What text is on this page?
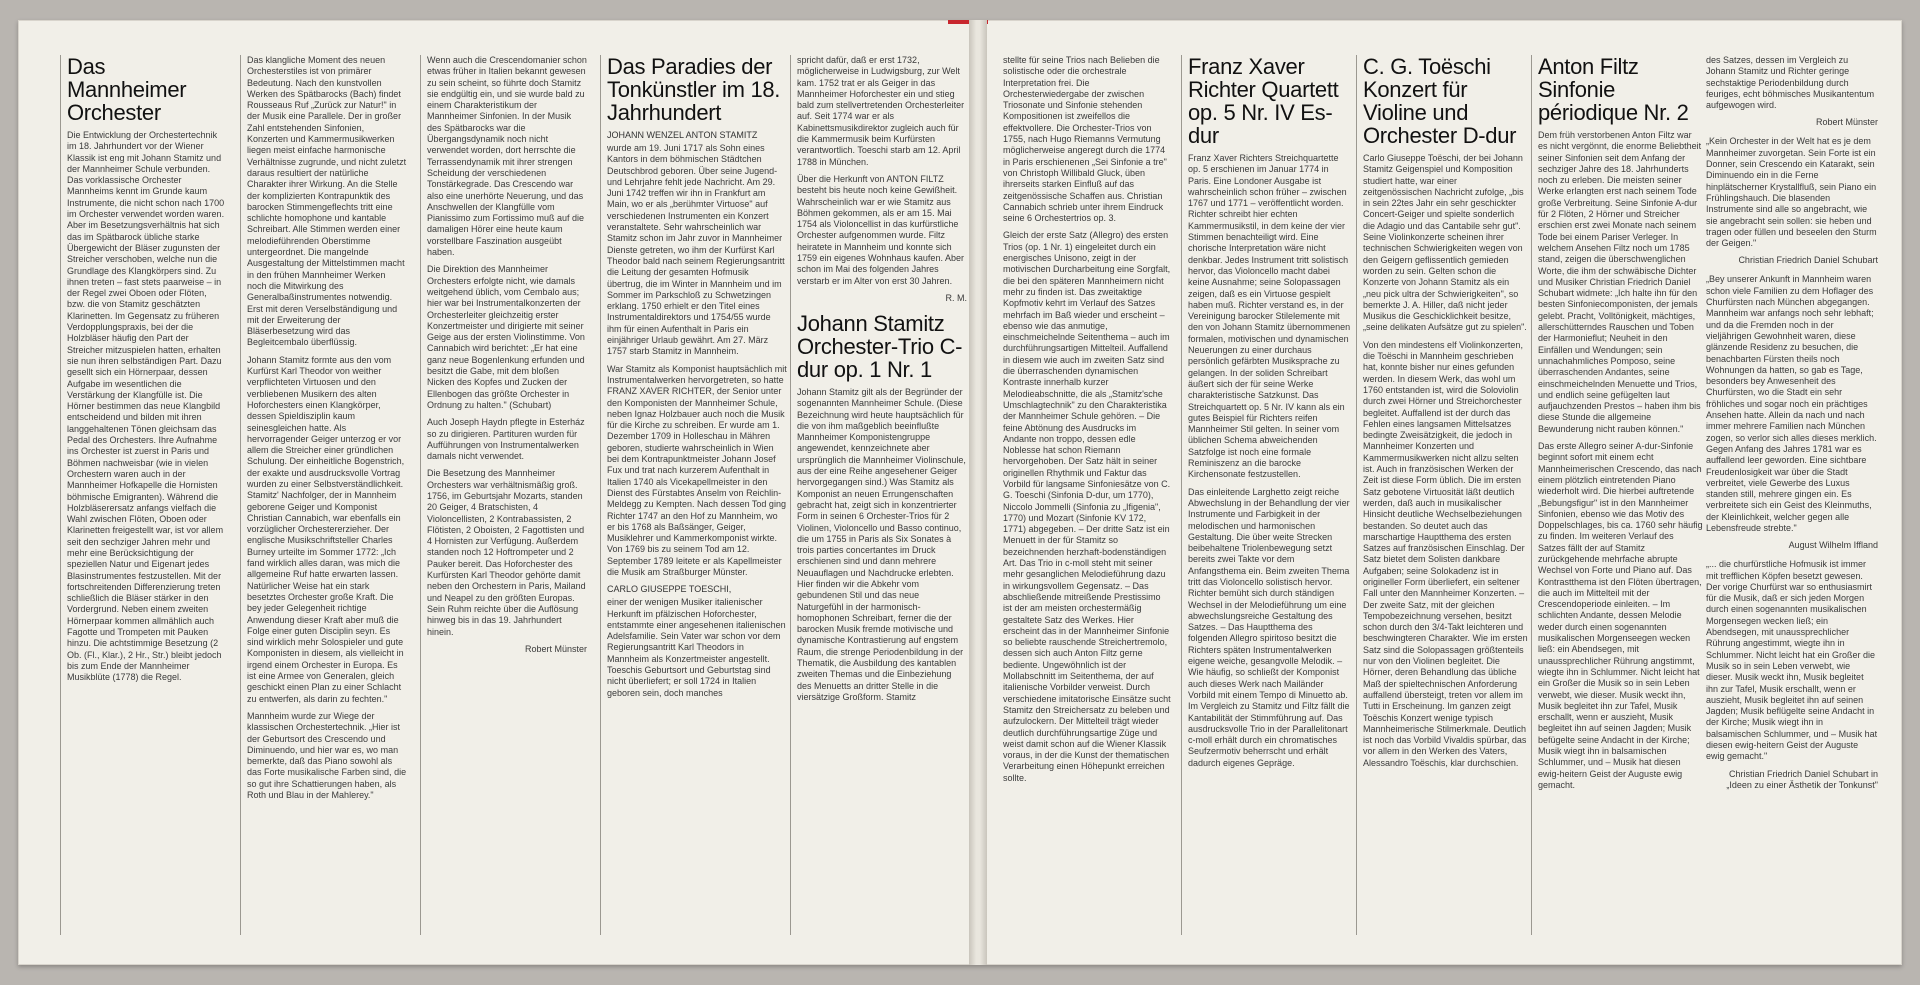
Das Mannheimer Orchester

Die Entwicklung der Orchestertechnik im 18. Jahrhundert vor der Wiener Klassik ist eng mit Johann Stamitz und der Mannheimer Schule verbunden. Das vorklassische Orchester Mannheims kennt im Grunde kaum Instrumente, die nicht schon nach 1700 im Orchester verwendet worden waren. Aber im Besetzungsverhältnis hat sich das im Spätbarock übliche starke Übergewicht der Bläser zugunsten der Streicher verschoben, welche nun die Grundlage des Klangkörpers sind. Zu ihnen treten – fast stets paarweise – in der Regel zwei Oboen oder Flöten, bzw. die von Stamitz geschätzten Klarinetten. Im Gegensatz zu früheren Verdopplungspraxis, bei der die Holzbläser häufig den Part der Streicher mitzuspielen hatten, erhalten sie nun ihren selbständigen Part. Dazu gesellt sich ein Hörnerpaar, dessen Aufgabe im wesentlichen die Verstärkung der Klangfülle ist. Die Hörner bestimmen das neue Klangbild entscheidend und bilden mit ihren langgehaltenen Tönen gleichsam das Pedal des Orchesters. Ihre Aufnahme ins Orchester ist zuerst in Paris und Böhmen nachweisbar (wie in vielen Orchestern waren auch in der Mannheimer Hofkapelle die Hornisten böhmische Emigranten). Während die Holzbläserersatz anfangs vielfach die Wahl zwischen Flöten, Oboen oder Klarinetten freigestellt war, ist vor allem seit den sechziger Jahren mehr und mehr eine Berücksichtigung der speziellen Natur und Eigenart jedes Blasinstrumentes festzustellen. Mit der fortschreitenden Differenzierung treten schließlich die Bläser stärker in den Vordergrund. Neben einem zweiten Hörnerpaar kommen allmählich auch Fagotte und Trompeten mit Pauken hinzu. Die achtstimmige Besetzung (2 Ob. (Fl., Klar.), 2 Hr., Str.) bleibt jedoch bis zum Ende der Mannheimer Musikblüte (1778) die Regel.

Das klangliche Moment des neuen Orchesterstiles ist von primärer Bedeutung. Nach den kunstvollen Werken des Spätbarocks (Bach) findet Rousseaus Ruf „Zurück zur Natur!" in der Musik eine Parallele. Der in großer Zahl entstehenden Sinfonien, Konzerten und Kammermusikwerken liegen meist einfache harmonische Verhältnisse zugrunde, und nicht zuletzt daraus resultiert der natürliche Charakter ihrer Wirkung. An die Stelle der komplizierten Kontrapunktik des barocken Stimmengeflechts tritt eine schlichte homophone und kantable Schreibart. Alle Stimmen werden einer melodieführenden Oberstimme untergeordnet. Die mangelnde Ausgestaltung der Mittelstimmen macht in den frühen Mannheimer Werken noch die Mitwirkung des Generalbaßinstrumentes notwendig. Erst mit deren Verselbständigung und mit der Erweiterung der Bläserbesetzung wird das Begleitcembalo überflüssig.

Johann Stamitz formte aus den vom Kurfürst Karl Theodor von weither verpflichteten Virtuosen und den verbliebenen Musikern des alten Hoforchesters einen Klangkörper, dessen Spieldisziplin kaum seinesgleichen hatte. Als hervorragender Geiger unterzog er vor allem die Streicher einer gründlichen Schulung. Der einheitliche Bogenstrich, der exakte und ausdrucksvolle Vortrag wurden zu einer Selbstverständlichkeit. Stamitz' Nachfolger, der in Mannheim geborene Geiger und Komponist Christian Cannabich, war ebenfalls ein vorzüglicher Orchestererzieher. Der englische Musikschriftsteller Charles Burney urteilte im Sommer 1772: „Ich fand wirklich alles daran, was mich die allgemeine Ruf hatte erwarten lassen. Natürlicher Weise hat ein stark besetztes Orchester große Kraft. Die bey jeder Gelegenheit richtige Anwendung dieser Kraft aber muß die Folge einer guten Disciplin seyn. Es sind wirklich mehr Solospieler und gute Komponisten in diesem, als vielleicht in irgend einem Orchester in Europa. Es ist eine Armee von Generalen, gleich geschickt einen Plan zu einer Schlacht zu entwerfen, als darin zu fechten."

Mannheim wurde zur Wiege der klassischen Orchestertechnik. „Hier ist der Geburtsort des Crescendo und Diminuendo, und hier war es, wo man bemerkte, daß das Piano sowohl als das Forte musikalische Farben sind, die so gut ihre Schattierungen haben, als Roth und Blau in der Mahlerey."

Wenn auch die Crescendomanier schon etwas früher in Italien bekannt gewesen zu sein scheint, so führte doch Stamitz sie endgültig ein, und sie wurde bald zu einem Charakteristikum der Mannheimer Sinfonien. In der Musik des Spätbarocks war die Übergangsdynamik noch nicht verwendet worden, dort herrschte die Terrassendynamik mit ihrer strengen Scheidung der verschiedenen Tonstärkegrade. Das Crescendo war also eine unerhörte Neuerung, und das Anschwellen der Klangfülle vom Pianissimo zum Fortissimo muß auf die damaligen Hörer eine heute kaum vorstellbare Faszination ausgeübt haben.

Die Direktion des Mannheimer Orchesters erfolgte nicht, wie damals weitgehend üblich, vom Cembalo aus; hier war bei Instrumentalkonzerten der Orchesterleiter gleichzeitig erster Konzertmeister und dirigierte mit seiner Geige aus der ersten Violinstimme. Von Cannabich wird berichtet: „Er hat eine ganz neue Bogenlenkung erfunden und besitzt die Gabe, mit dem bloßen Nicken des Kopfes und Zucken der Ellenbogen das größte Orchester in Ordnung zu halten." (Schubart)

Auch Joseph Haydn pflegte in Esterház so zu dirigieren. Partituren wurden für Aufführungen von Instrumentalwerken damals nicht verwendet.

Die Besetzung des Mannheimer Orchesters war verhältnismäßig groß. 1756, im Geburtsjahr Mozarts, standen 20 Geiger, 4 Bratschisten, 4 Violoncellisten, 2 Kontrabassisten, 2 Flötisten, 2 Oboisten, 2 Fagottisten und 4 Hornisten zur Verfügung. Außerdem standen noch 12 Hoftrompeter und 2 Pauker bereit. Das Hoforchester des Kurfürsten Karl Theodor gehörte damit neben den Orchestern in Paris, Mailand und Neapel zu den größten Europas. Sein Ruhm reichte über die Auflösung hinweg bis in das 19. Jahrhundert hinein.

Robert Münster
Das Paradies der Tonkünstler im 18. Jahrhundert
JOHANN WENZEL ANTON STAMITZ

wurde am 19. Juni 1717 als Sohn eines Kantors in dem böhmischen Städtchen Deutschbrod geboren. Über seine Jugend- und Lehrjahre fehlt jede Nachricht. Am 29. Juni 1742 treffen wir ihn in Frankfurt am Main, wo er als „berühmter Virtuose" auf verschiedenen Instrumenten ein Konzert veranstaltete. Sehr wahrscheinlich war Stamitz schon im Jahr zuvor in Mannheimer Dienste getreten, wo ihm der Kurfürst Karl Theodor bald nach seinem Regierungsantritt die Leitung der gesamten Hofmusik übertrug, die im Winter in Mannheim und im Sommer im Parkschloß zu Schwetzingen erklang. 1750 erhielt er den Titel eines Instrumentaldirektors und 1754/55 wurde ihm für einen Aufenthalt in Paris ein einjähriger Urlaub gewährt. Am 27. März 1757 starb Stamitz in Mannheim.

War Stamitz als Komponist hauptsächlich mit Instrumentalwerken hervorgetreten, so hatte FRANZ XAVER RICHTER, der Senior unter den Komponisten der Mannheimer Schule, neben Ignaz Holzbauer auch noch die Musik für die Kirche zu schreiben. Er wurde am 1. Dezember 1709 in Holleschau in Mähren geboren, studierte wahrscheinlich in Wien bei dem Kontrapunktmeister Johann Josef Fux und trat nach kurzerem Aufenthalt in Italien 1740 als Vicekapellmeister in den Dienst des Fürstabtes Anselm von Reichlin-Meldegg zu Kempten. Nach dessen Tod ging Richter 1747 an den Hof zu Mannheim, wo er bis 1768 als Baßsänger, Geiger, Musiklehrer und Kammerkomponist wirkte. Von 1769 bis zu seinem Tod am 12. September 1789 leitete er als Kapellmeister die Musik am Straßburger Münster.

CARLO GIUSEPPE TOESCHI,

einer der wenigen Musiker italienischer Herkunft im pfälzischen Hoforchester, entstammte einer angesehenen italienischen Adelsfamilie. Sein Vater war schon vor dem Regierungsantritt Karl Theodors in Mannheim als Konzertmeister angestellt. Toeschis Geburtsort und Geburtstag sind nicht überliefert; er soll 1724 in Italien geboren sein, doch manches

spricht dafür, daß er erst 1732, möglicherweise in Ludwigsburg, zur Welt kam. 1752 trat er als Geiger in das Mannheimer Hoforchester ein und stieg bald zum stellvertretenden Orchesterleiter auf. Seit 1774 war er als Kabinettsmusikdirektor zugleich auch für die Kammermusik beim Kurfürsten verantwortlich. Toeschi starb am 12. April 1788 in München.

Über die Herkunft von ANTON FILTZ besteht bis heute noch keine Gewißheit. Wahrscheinlich war er wie Stamitz aus Böhmen gekommen, als er am 15. Mai 1754 als Violoncellist in das kurfürstliche Orchester aufgenommen wurde. Filtz heiratete in Mannheim und konnte sich 1759 ein eigenes Wohnhaus kaufen. Aber schon im Mai des folgenden Jahres verstarb er im Alter von erst 30 Jahren.

R. M.
Johann Stamitz Orchester-Trio C-dur op. 1 Nr. 1

Johann Stamitz gilt als der Begründer der sogenannten Mannheimer Schule. (Diese Bezeichnung wird heute hauptsächlich für die von ihm maßgeblich beeinflußte Mannheimer Komponistengruppe angewendet, kennzeichnete aber ursprünglich die Mannheimer Violinschule, aus der eine Reihe angesehener Geiger hervorgegangen sind.) Was Stamitz als Komponist an neuen Errungenschaften gebracht hat, zeigt sich in konzentrierter Form in seinen 6 Orchester-Trios für 2 Violinen, Violoncello und Basso continuo, die um 1755 in Paris als Six Sonates à trois parties concertantes im Druck erschienen sind und dann mehrere Neuauflagen und Nachdrucke erlebten. Hier finden wir die Abkehr vom gebundenen Stil und das neue Naturgefühl in der harmonisch-homophonen Schreibart, ferner die der barocken Musik fremde motivische und dynamische Kontrastierung auf engstem Raum, die strenge Periodenbildung in der Thematik, die Ausbildung des kantablen zweiten Themas und die Einbeziehung des Menuetts an dritter Stelle in die viersätzige Großform. Stamitz

stellte für seine Trios nach Belieben die solistische oder die orchestrale Interpretation frei. Die Orchesterwiedergabe der zwischen Triosonate und Sinfonie stehenden Kompositionen ist zweifellos die effektvollere. Die Orchester-Trios von 1755, nach Hugo Riemanns Vermutung möglicherweise angeregt durch die 1774 in Paris erschienenen „Sei Sinfonie a tre" von Christoph Willibald Gluck, üben ihrerseits starken Einfluß auf das zeitgenössische Schaffen aus. Christian Cannabich schrieb unter ihrem Eindruck seine 6 Orchestertrios op. 3.

Gleich der erste Satz (Allegro) des ersten Trios (op. 1 Nr. 1) eingeleitet durch ein energisches Unisono, zeigt in der motivischen Durcharbeitung eine Sorgfalt, die bei den späteren Mannheimern nicht mehr zu finden ist. Das zweitaktige Kopfmotiv kehrt im Verlauf des Satzes mehrfach im Baß wieder und erscheint – ebenso wie das anmutige, einschmeichelnde Seitenthema – auch im durchführungsartigen Mittelteil. Auffallend in diesem wie auch im zweiten Satz sind die überraschenden dynamischen Kontraste innerhalb kurzer Melodieabschnitte, die als „Stamitz'sche Umschlagtechnik" zu den Charakteristika der Mannheimer Schule gehören. – Die feine Abtönung des Ausdrucks im Andante non troppo, dessen edle Noblesse hat schon Riemann hervorgehoben. Der Satz hält in seiner originellen Rhythmik und Faktur das Vorbild für langsame Sinfoniesätze von C. G. Toeschi (Sinfonia D-dur, um 1770), Niccolo Jommelli (Sinfonia zu „Ifigenia", 1770) und Mozart (Sinfonie KV 172, 1771) abgegeben. – Der dritte Satz ist ein Menuett in der für Stamitz so bezeichnenden herzhaft-bodenständigen Art. Das Trio in c-moll steht mit seiner mehr gesanglichen Melodieführung dazu in wirkungsvollem Gegensatz. – Das abschließende mitreißende Prestissimo ist der am meisten orchestermäßig gestaltete Satz des Werkes. Hier erscheint das in der Mannheimer Sinfonie so beliebte rauschende Streichertremolo, dessen sich auch Anton Filtz gerne bediente. Ungewöhnlich ist der Mollabschnitt im Seitenthema, der auf italienische Vorbilder verweist. Durch verschiedene imitatorische Einsätze sucht Stamitz den Streichersatz zu beleben und aufzulockern. Der Mittelteil trägt wieder deutlich durchführungsartige Züge und weist damit schon auf die Wiener Klassik voraus, in der die Kunst der thematischen Verarbeitung einen Höhepunkt erreichen sollte.

Franz Xaver Richter Quartett op. 5 Nr. IV Es-dur

Franz Xaver Richters Streichquartette op. 5 erschienen im Januar 1774 in Paris. Eine Londoner Ausgabe ist wahrscheinlich schon früher – zwischen 1767 und 1771 – veröffentlicht worden. Richter schreibt hier echten Kammermusikstil, in dem keine der vier Stimmen benachteiligt wird. Eine chorische Interpretation wäre nicht denkbar. Jedes Instrument tritt solistisch hervor, das Violoncello macht dabei keine Ausnahme; seine Solopassagen zeigen, daß es ein Virtuose gespielt haben muß. Richter verstand es, in der Vereinigung barocker Stilelemente mit den von Johann Stamitz übernommenen formalen, motivischen und dynamischen Neuerungen zu einer durchaus persönlich gefärbten Musiksprache zu gelangen. In der soliden Schreibart äußert sich der für seine Werke charakteristische Satzkunst. Das Streichquartett op. 5 Nr. IV kann als ein gutes Beispiel für Richters reifen Mannheimer Stil gelten. In seiner vom üblichen Schema abweichenden Satzfolge ist noch eine formale Reminiszenz an die barocke Kirchensonate festzustellen.

Das einleitende Larghetto zeigt reiche Abwechslung in der Behandlung der vier Instrumente und Farbigkeit in der melodischen und harmonischen Gestaltung. Die über weite Strecken beibehaltene Triolenbewegung setzt bereits zwei Takte vor dem Anfangsthema ein. Beim zweiten Thema tritt das Violoncello solistisch hervor. Richter bemüht sich durch ständigen Wechsel in der Melodieführung um eine abwechslungsreiche Gestaltung des Satzes. – Das Hauptthema des folgenden Allegro spiritoso besitzt die Richters späten Instrumentalwerken eigene weiche, gesangvolle Melodik. – Wie häufig, so schließt der Komponist auch dieses Werk nach Mailänder Vorbild mit einem Tempo di Minuetto ab. Im Vergleich zu Stamitz und Filtz fällt die Kantabilität der Stimmführung auf. Das ausdrucksvolle Trio in der Parallelitonart c-moll erhält durch ein chromatisches Seufzermotiv beherrscht und erhält dadurch eigenes Gepräge.

C. G. Toëschi Konzert für Violine und Orchester D-dur

Carlo Giuseppe Toëschi, der bei Johann Stamitz Geigenspiel und Komposition studiert hatte, war einer zeitgenössischen Nachricht zufolge, „bis in sein 22tes Jahr ein sehr geschickter Concert-Geiger und spielte sonderlich die Adagio und das Cantabile sehr gut". Seine Violinkonzerte scheinen ihrer technischen Schwierigkeiten wegen von den Geigern geflissentlich gemieden worden zu sein. Gelten schon die Konzerte von Johann Stamitz als ein „neu pick ultra der Schwierigkeiten", so bemerkte J. A. Hiller, daß nicht jeder Musikus die Geschicklichkeit besitze, „seine delikaten Aufsätze gut zu spielen".

Von den mindestens elf Violinkonzerten, die Toëschi in Mannheim geschrieben hat, konnte bisher nur eines gefunden werden. In diesem Werk, das wohl um 1760 entstanden ist, wird die Soloviolin durch zwei Hörner und Streichorchester begleitet. Auffallend ist der durch das Fehlen eines langsamen Mittelsatzes bedingte Zweisätzigkeit, die jedoch in Mannheimer Konzerten und Kammermusikwerken nicht allzu selten ist. Auch in französischen Werken der Zeit ist diese Form üblich. Die im ersten Satz gebotene Virtuosität läßt deutlich werden, daß auch in musikalischer Hinsicht deutliche Wechselbeziehungen bestanden. So deutet auch das marschartige Hauptthema des ersten Satzes auf französischen Einschlag. Der Satz bietet dem Solisten dankbare Aufgaben; seine Solokadenz ist in origineller Form überliefert, ein seltener Fall unter den Mannheimer Konzerten. – Der zweite Satz, mit der gleichen Tempobezeichnung versehen, besitzt schon durch den 3/4-Takt leichteren und beschwingteren Charakter. Wie im ersten Satz sind die Solopassagen größtenteils nur von den Violinen begleitet. Die Hörner, deren Behandlung das übliche Maß der spieltechnischen Anforderung auffallend übersteigt, treten vor allem im Tutti in Erscheinung. Im ganzen zeigt Toëschis Konzert wenige typisch Mannheimerische Stilmerkmale. Deutlich ist noch das Vorbild Vivaldis spürbar, das vor allem in den Werken des Vaters, Alessandro Toëschis, klar durchschien.

Anton Filtz Sinfonie périodique Nr. 2

Dem früh verstorbenen Anton Filtz war es nicht vergönnt, die enorme Beliebtheit seiner Sinfonien seit dem Anfang der sechziger Jahre des 18. Jahrhunderts noch zu erleben. Die meisten seiner Werke erlangten erst nach seinem Tode große Verbreitung. Seine Sinfonie A-dur für 2 Flöten, 2 Hörner und Streicher erschien erst zwei Monate nach seinem Tode bei einem Pariser Verleger. In welchem Ansehen Filtz noch um 1785 stand, zeigen die überschwenglichen Worte, die ihm der schwäbische Dichter und Musiker Christian Friedrich Daniel Schubart widmete: „Ich halte ihn für den besten Sinfoniecomponisten, der jemals gelebt. Pracht, Volltönigkeit, mächtiges, allerschütterndes Rauschen und Toben der Harmonieflut; Neuheit in den Einfällen und Wendungen; sein unnachahmliches Pomposo, seine überraschenden Andantes, seine einschmeichelnden Menuette und Trios, und endlich seine gefügelten laut aufjauchzenden Prestos – haben ihm bis diese Stunde die allgemeine Bewunderung nicht rauben können."

Das erste Allegro seiner A-dur-Sinfonie beginnt sofort mit einem echt Mannheimerischen Crescendo, das nach einem plötzlich eintretenden Piano wiederholt wird. Die hierbei auftretende „Bebungsfigur" ist in den Mannheimer Sinfonien, ebenso wie das Motiv des Doppelschlages, bis ca. 1760 sehr häufig zu finden. Im weiteren Verlauf des Satzes fällt der auf Stamitz zurückgehende mehrfache abrupte Wechsel von Forte und Piano auf. Das Kontrastthema ist den Flöten übertragen, die auch im Mittelteil mit der Crescendoperiode einleiten. – Im schlichten Andante, dessen Melodie weder durch einen sogenannten musikalischen Morgenseegen wecken ließ: ein Abendsegen, mit unaussprechlicher Rührung angstimmt, wiegte ihn in Schlummer. Nicht leicht hat ein Großer die Musik so in sein Leben verwebt, wie dieser. Musik weckt ihn, Musik begleitet ihn zur Tafel, Musik erschallt, wenn er auszieht, Musik begleitet ihn auf seinen Jagden; Musik befügelte seine Andacht in der Kirche; Musik wiegt ihn in balsamischen Schlummer, und – Musik hat diesen ewig-heitern Geist der Auguste ewig gemacht.

des Satzes, dessen im Vergleich zu Johann Stamitz und Richter geringe sechstaktige Periodenbildung durch feuriges, echt böhmisches Musikantentum aufgewogen wird.

Robert Münster

„Kein Orchester in der Welt hat es je dem Mannheimer zuvorgetan. Sein Forte ist ein Donner, sein Crescendo ein Katarakt, sein Diminuendo ein in die Ferne hinplätscherner Krystallfluß, sein Piano ein Frühlingshauch. Die blasenden Instrumente sind alle so angebracht, wie sie angebracht sein sollen: sie heben und tragen oder füllen und beseelen den Sturm der Geigen."

Christian Friedrich Daniel Schubart

„Bey unserer Ankunft in Mannheim waren schon viele Familien zu dem Hoflager des Churfürsten nach München abgegangen. Mannheim war anfangs noch sehr lebhaft; und da die Fremden noch in der vieljährigen Gewohnheit waren, diese glänzende Residenz zu besuchen, die benachbarten Fürsten theils noch Wohnungen da hatten, so gab es Tage, besonders bey Anwesenheit des Churfürsten, wo die Stadt ein sehr fröhliches und sogar noch ein prächtiges Ansehen hatte. Allein da nach und nach immer mehrere Familien nach München zogen, so verlor sich alles dieses merklich. Gegen Anfang des Jahres 1781 war es auffallend leer geworden. Eine sichtbare Freudenlosigkeit war über die Stadt verbreitet, viele Gewerbe des Luxus standen still, mehrere gingen ein. Es verbreitete sich ein Geist des Kleinmuths, der Kleinlichkeit, welcher gegen alle Lebensfreude strebte."

August Wilhelm Iffland

„... die churfürstliche Hofmusik ist immer mit trefflichen Köpfen besetzt gewesen. Der vorige Churfürst war so enthusiasmirt für die Musik, daß er sich jeden Morgen durch einen sogenannten musikalischen Morgensegen wecken ließ; ein Abendsegen, mit unaussprechlicher Rührung angestimmt, wiegte ihn in Schlummer. Nicht leicht hat ein Großer die Musik so in sein Leben verwebt, wie dieser. Musik weckt ihn, Musik begleitet ihn zur Tafel, Musik erschallt, wenn er auszieht, Musik begleitet ihn auf seinen Jagden; Musik beflügelte seine Andacht in der Kirche; Musik wiegt ihn in balsamischen Schlummer, und – Musik hat diesen ewig-heitern Geist der Auguste ewig gemacht."

Christian Friedrich Daniel Schubart in „Ideen zu einer Ästhetik der Tonkunst"
